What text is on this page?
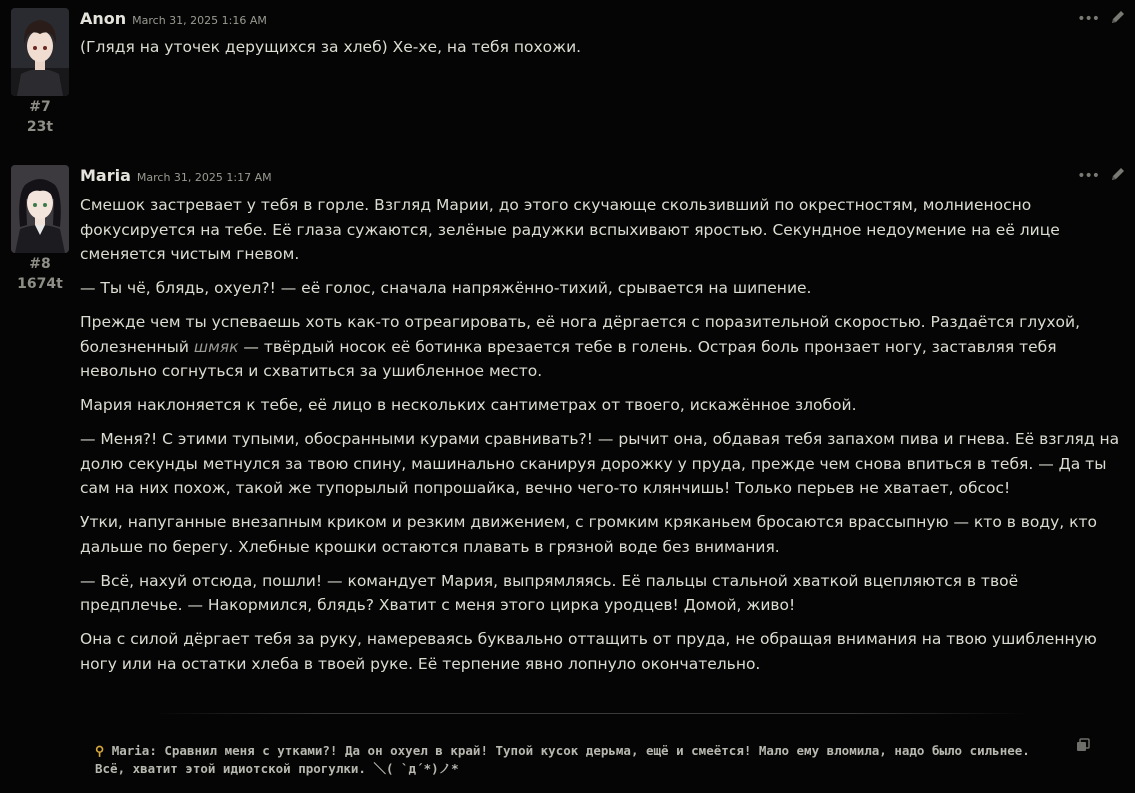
#7
23t
Anon March 31, 2025 1:16 AM	•••

(Глядя на уточек дерущихся за хлеб) Хе-хе, на тебя похожи.

#8
1674t
Maria March 31, 2025 1:17 AM	•••

Смешок застревает у тебя в горле. Взгляд Марии, до этого скучающе скользивший по окрестностям, молниеносно фокусируется на тебе. Её глаза сужаются, зелёные радужки вспыхивают яростью. Секундное недоумение на её лице сменяется чистым гневом.

— Ты чё, блядь, охуел?! — её голос, сначала напряжённо-тихий, срывается на шипение.

Прежде чем ты успеваешь хоть как-то отреагировать, её нога дёргается с поразительной скоростью. Раздаётся глухой, болезненный шмяк — твёрдый носок её ботинка врезается тебе в голень. Острая боль пронзает ногу, заставляя тебя невольно согнуться и схватиться за ушибленное место.

Мария наклоняется к тебе, её лицо в нескольких сантиметрах от твоего, искажённое злобой.

— Меня?! С этими тупыми, обосранными курами сравнивать?! — рычит она, обдавая тебя запахом пива и гнева. Её взгляд на долю секунды метнулся за твою спину, машинально сканируя дорожку у пруда, прежде чем снова впиться в тебя. — Да ты сам на них похож, такой же тупорылый попрошайка, вечно чего-то клянчишь! Только перьев не хватает, обсос!

Утки, напуганные внезапным криком и резким движением, с громким кряканьем бросаются врассыпную — кто в воду, кто дальше по берегу. Хлебные крошки остаются плавать в грязной воде без внимания.

— Всё, нахуй отсюда, пошли! — командует Мария, выпрямляясь. Её пальцы стальной хваткой вцепляются в твоё предплечье. — Накормился, блядь? Хватит с меня этого цирка уродцев! Домой, живо!

Она с силой дёргает тебя за руку, намереваясь буквально оттащить от пруда, не обращая внимания на твою ушибленную ногу или на остатки хлеба в твоей руке. Её терпение явно лопнуло окончательно.

⚲ Maria: Сравнил меня с утками?! Да он охуел в край! Тупой кусок дерьма, ещё и смеётся! Мало ему вломила, надо было сильнее. Всё, хватит этой идиотской прогулки. ＼( `д´*)ノ*
